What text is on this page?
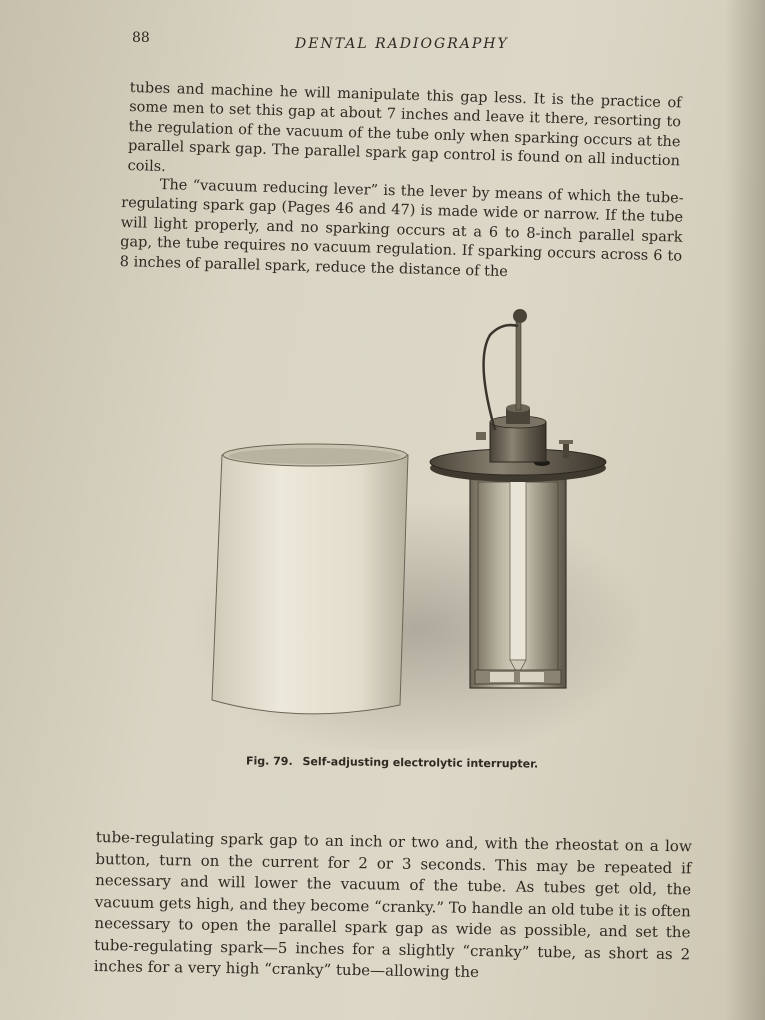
88	DENTAL RADIOGRAPHY

tubes and machine he will manipulate this gap less. It is the practice of some men to set this gap at about 7 inches and leave it there, resorting to the regulation of the vacuum of the tube only when sparking occurs at the parallel spark gap. The parallel spark gap control is found on all induction coils.

The “vacuum reducing lever” is the lever by means of which the tube-regulating spark gap (Pages 46 and 47) is made wide or narrow. If the tube will light properly, and no sparking occurs at a 6 to 8-inch parallel spark gap, the tube requires no vacuum regulation. If sparking occurs across 6 to 8 inches of parallel spark, reduce the distance of the

Fig. 79. Self-adjusting electrolytic interrupter.

tube-regulating spark gap to an inch or two and, with the rheostat on a low button, turn on the current for 2 or 3 seconds. This may be repeated if necessary and will lower the vacuum of the tube. As tubes get old, the vacuum gets high, and they become “cranky.” To handle an old tube it is often necessary to open the parallel spark gap as wide as possible, and set the tube-regulating spark—5 inches for a slightly “cranky” tube, as short as 2 inches for a very high “cranky” tube—allowing the
